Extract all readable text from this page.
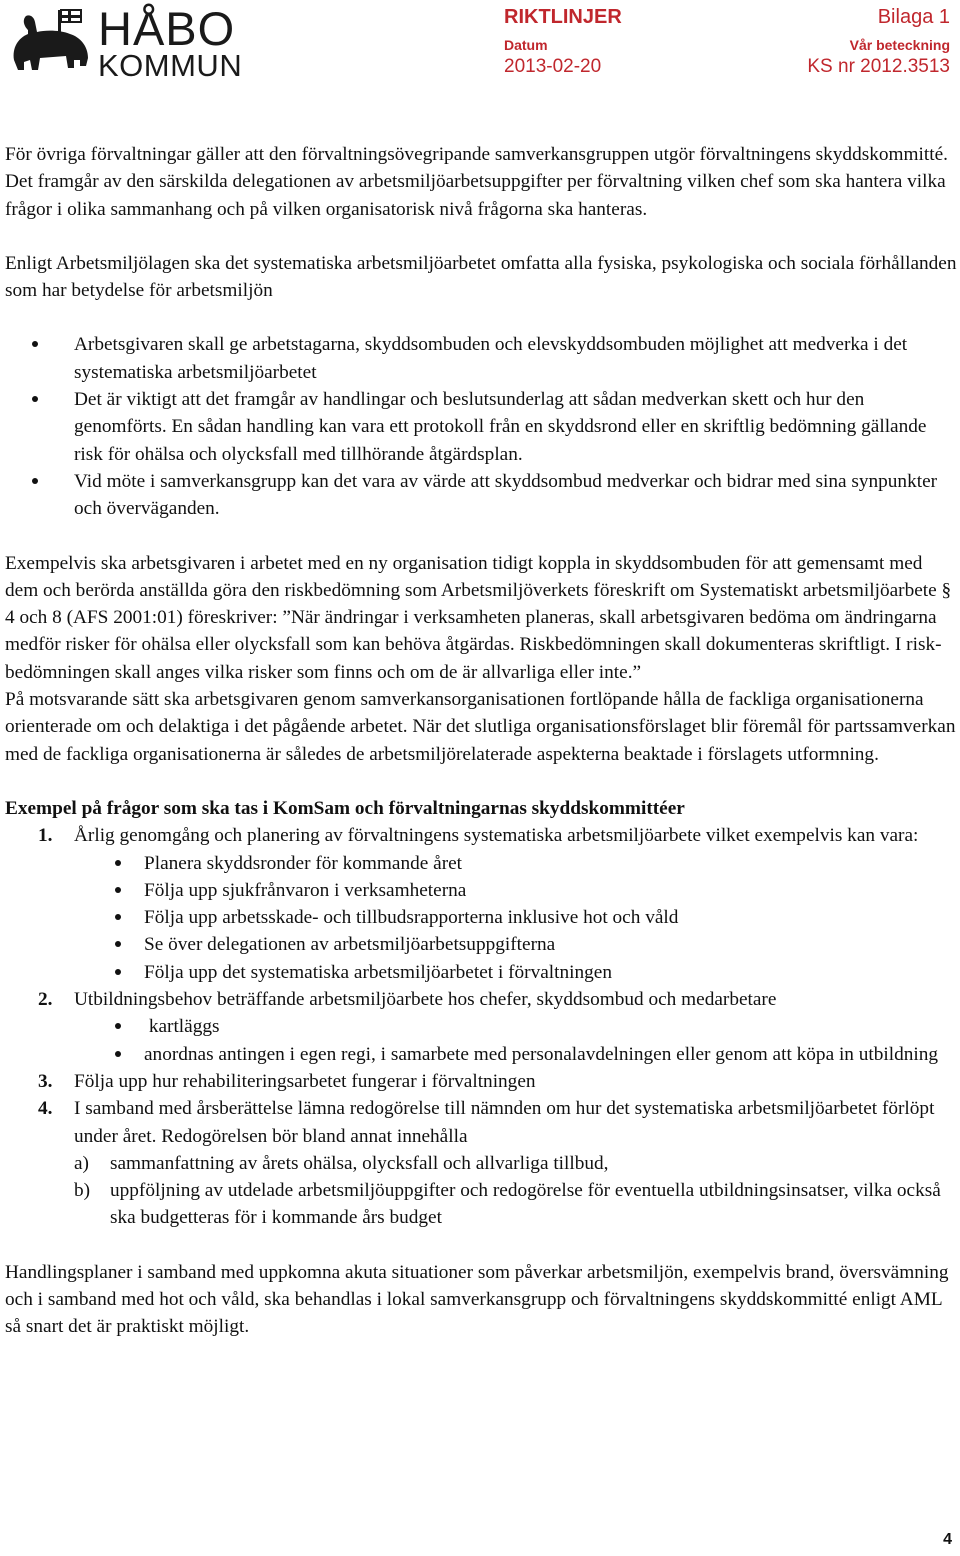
HÅBO
KOMMUN
RIKTLINJER	Bilaga 1
Datum
2013-02-20
Vår beteckning
KS nr 2012.3513

För övriga förvaltningar gäller att den förvaltningsövegripande samverkansgruppen utgör förvaltningens skyddskommitté.

Det framgår av den särskilda delegationen av arbetsmiljöarbetsuppgifter per förvaltning vilken chef som ska hantera vilka frågor i olika sammanhang och på vilken organisatorisk nivå frågorna ska hanteras.

Enligt Arbetsmiljölagen ska det systematiska arbetsmiljöarbetet omfatta alla fysiska, psykologiska och sociala förhållanden som har betydelse för arbetsmiljön

Arbetsgivaren skall ge arbetstagarna, skyddsombuden och elevskyddsombuden möjlighet att medverka i det systematiska arbetsmiljöarbetet
Det är viktigt att det framgår av handlingar och beslutsunderlag att sådan medverkan skett och hur den genomförts. En sådan handling kan vara ett protokoll från en skyddsrond eller en skriftlig bedömning gällande risk för ohälsa och olycksfall med tillhörande åtgärdsplan.
Vid möte i samverkansgrupp kan det vara av värde att skyddsombud medverkar och bidrar med sina synpunkter och överväganden.

Exempelvis ska arbetsgivaren i arbetet med en ny organisation tidigt koppla in skyddsombuden för att gemensamt med dem och berörda anställda göra den riskbedömning som Arbetsmiljöverkets föreskrift om Systematiskt arbetsmiljöarbete § 4 och 8 (AFS 2001:01) föreskriver: ”När ändringar i verksamheten planeras, skall arbetsgivaren bedöma om ändringarna medför risker för ohälsa eller olycksfall som kan behöva åtgärdas. Riskbedömningen skall dokumenteras skriftligt. I risk-bedömningen skall anges vilka risker som finns och om de är allvarliga eller inte.”

På motsvarande sätt ska arbetsgivaren genom samverkansorganisationen fortlöpande hålla de fackliga organisationerna orienterade om och delaktiga i det pågående arbetet. När det slutliga organisationsförslaget blir föremål för partssamverkan med de fackliga organisationerna är således de arbetsmiljörelaterade aspekterna beaktade i förslagets utformning.

Exempel på frågor som ska tas i KomSam och förvaltningarnas skyddskommittéer

1. Årlig genomgång och planering av förvaltningens systematiska arbetsmiljöarbete vilket exempelvis kan vara:
Planera skyddsronder för kommande året
Följa upp sjukfrånvaron i verksamheterna
Följa upp arbetsskade- och tillbudsrapporterna inklusive hot och våld
Se över delegationen av arbetsmiljöarbetsuppgifterna
Följa upp det systematiska arbetsmiljöarbetet i förvaltningen
2. Utbildningsbehov beträffande arbetsmiljöarbete hos chefer, skyddsombud och medarbetare
kartläggs
anordnas antingen i egen regi, i samarbete med personalavdelningen eller genom att köpa in utbildning
3. Följa upp hur rehabiliteringsarbetet fungerar i förvaltningen
4. I samband med årsberättelse lämna redogörelse till nämnden om hur det systematiska arbetsmiljöarbetet förlöpt under året. Redogörelsen bör bland annat innehålla
a) sammanfattning av årets ohälsa, olycksfall och allvarliga tillbud,
b) uppföljning av utdelade arbetsmiljöuppgifter och redogörelse för eventuella utbildningsinsatser, vilka också ska budgetteras för i kommande års budget

Handlingsplaner i samband med uppkomna akuta situationer som påverkar arbetsmiljön, exempelvis brand, översvämning och i samband med hot och våld, ska behandlas i lokal samverkansgrupp och förvaltningens skyddskommitté enligt AML så snart det är praktiskt möjligt.

4
